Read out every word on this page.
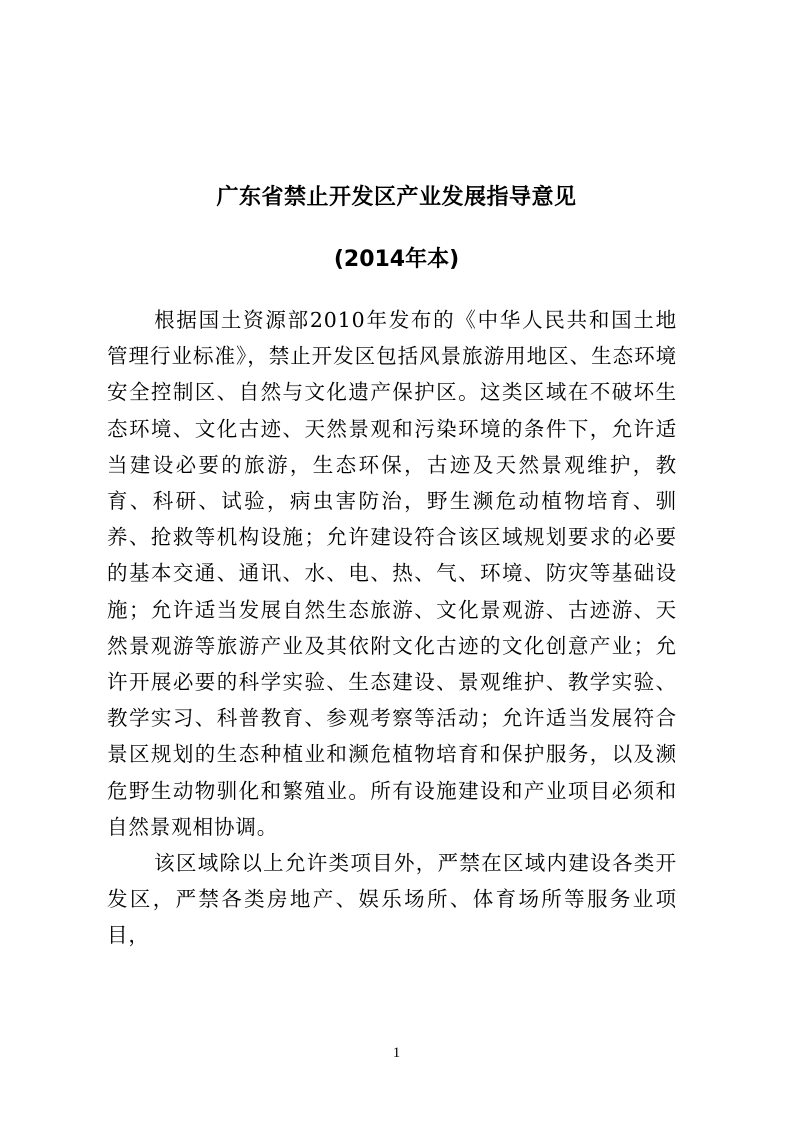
广东省禁止开发区产业发展指导意见
(2014年本)

根据国土资源部2010年发布的《中华人民共和国土地管理行业标准》，禁止开发区包括风景旅游用地区、生态环境安全控制区、自然与文化遗产保护区。这类区域在不破坏生态环境、文化古迹、天然景观和污染环境的条件下，允许适当建设必要的旅游，生态环保，古迹及天然景观维护，教育、科研、试验，病虫害防治，野生濒危动植物培育、驯养、抢救等机构设施；允许建设符合该区域规划要求的必要的基本交通、通讯、水、电、热、气、环境、防灾等基础设施；允许适当发展自然生态旅游、文化景观游、古迹游、天然景观游等旅游产业及其依附文化古迹的文化创意产业；允许开展必要的科学实验、生态建设、景观维护、教学实验、教学实习、科普教育、参观考察等活动；允许适当发展符合景区规划的生态种植业和濒危植物培育和保护服务，以及濒危野生动物驯化和繁殖业。所有设施建设和产业项目必须和自然景观相协调。

该区域除以上允许类项目外，严禁在区域内建设各类开发区，严禁各类房地产、娱乐场所、体育场所等服务业项目，

1
